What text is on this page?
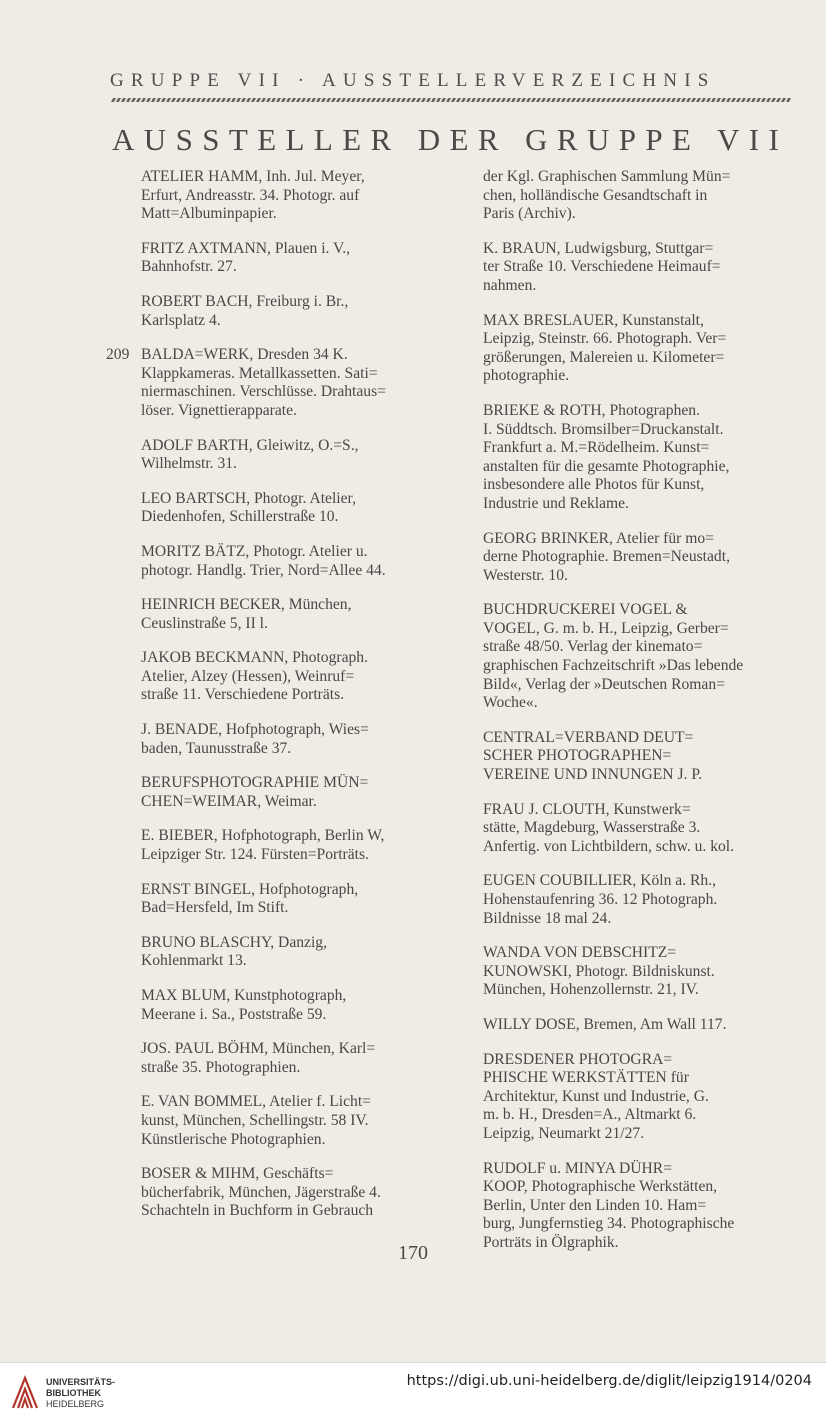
GRUPPE VII · AUSSTELLERVERZEICHNIS
AUSSTELLER DER GRUPPE VII
ATELIER HAMM, Inh. Jul. Meyer,
Erfurt, Andreasstr. 34. Photogr. auf
Matt=Albuminpapier.
FRITZ AXTMANN, Plauen i. V.,
Bahnhofstr. 27.
ROBERT BACH, Freiburg i. Br.,
Karlsplatz 4.
209 BALDA=WERK, Dresden 34 K.
Klappkameras. Metallkassetten. Sati=
niermaschinen. Verschlüsse. Drahtaus=
löser. Vignettierapparate.
ADOLF BARTH, Gleiwitz, O.=S.,
Wilhelmstr. 31.
LEO BARTSCH, Photogr. Atelier,
Diedenhofen, Schillerstraße 10.
MORITZ BÄTZ, Photogr. Atelier u.
photogr. Handlg. Trier, Nord=Allee 44.
HEINRICH BECKER, München,
Ceuslinstraße 5, II l.
JAKOB BECKMANN, Photograph.
Atelier, Alzey (Hessen), Weinruf=
straße 11. Verschiedene Porträts.
J. BENADE, Hofphotograph, Wies=
baden, Taunusstraße 37.
BERUFSPHOTOGRAPHIE MÜN=
CHEN=WEIMAR, Weimar.
E. BIEBER, Hofphotograph, Berlin W,
Leipziger Str. 124. Fürsten=Porträts.
ERNST BINGEL, Hofphotograph,
Bad=Hersfeld, Im Stift.
BRUNO BLASCHY, Danzig,
Kohlenmarkt 13.
MAX BLUM, Kunstphotograph,
Meerane i. Sa., Poststraße 59.
JOS. PAUL BÖHM, München, Karl=
straße 35. Photographien.
E. VAN BOMMEL, Atelier f. Licht=
kunst, München, Schellingstr. 58 IV.
Künstlerische Photographien.
BOSER & MIHM, Geschäfts=
bücherfabrik, München, Jägerstraße 4.
Schachteln in Buchform in Gebrauch
der Kgl. Graphischen Sammlung Mün=
chen, holländische Gesandtschaft in
Paris (Archiv).
K. BRAUN, Ludwigsburg, Stuttgar=
ter Straße 10. Verschiedene Heimauf=
nahmen.
MAX BRESLAUER, Kunstanstalt,
Leipzig, Steinstr. 66. Photograph. Ver=
größerungen, Malereien u. Kilometer=
photographie.
BRIEKE & ROTH, Photographen.
I. Süddtsch. Bromsilber=Druckanstalt.
Frankfurt a. M.=Rödelheim. Kunst=
anstalten für die gesamte Photographie,
insbesondere alle Photos für Kunst,
Industrie und Reklame.
GEORG BRINKER, Atelier für mo=
derne Photographie. Bremen=Neustadt,
Westerstr. 10.
BUCHDRUCKEREI VOGEL &
VOGEL, G. m. b. H., Leipzig, Gerber=
straße 48/50. Verlag der kinemato=
graphischen Fachzeitschrift »Das lebende
Bild«, Verlag der »Deutschen Roman=
Woche«.
CENTRAL=VERBAND DEUT=
SCHER PHOTOGRAPHEN=
VEREINE UND INNUNGEN J. P.
FRAU J. CLOUTH, Kunstwerk=
stätte, Magdeburg, Wasserstraße 3.
Anfertig. von Lichtbildern, schw. u. kol.
EUGEN COUBILLIER, Köln a. Rh.,
Hohenstaufenring 36. 12 Photograph.
Bildnisse 18 mal 24.
WANDA VON DEBSCHITZ=
KUNOWSKI, Photogr. Bildniskunst.
München, Hohenzollernstr. 21, IV.
WILLY DOSE, Bremen, Am Wall 117.
DRESDENER PHOTOGRA=
PHISCHE WERKSTÄTTEN für
Architektur, Kunst und Industrie, G.
m. b. H., Dresden=A., Altmarkt 6.
Leipzig, Neumarkt 21/27.
RUDOLF u. MINYA DÜHR=
KOOP, Photographische Werkstätten,
Berlin, Unter den Linden 10. Ham=
burg, Jungfernstieg 34. Photographische
Porträts in Ölgraphik.
170
UNIVERSITÄTS-
BIBLIOTHEK
HEIDELBERG
https://digi.ub.uni-heidelberg.de/diglit/leipzig1914/0204
